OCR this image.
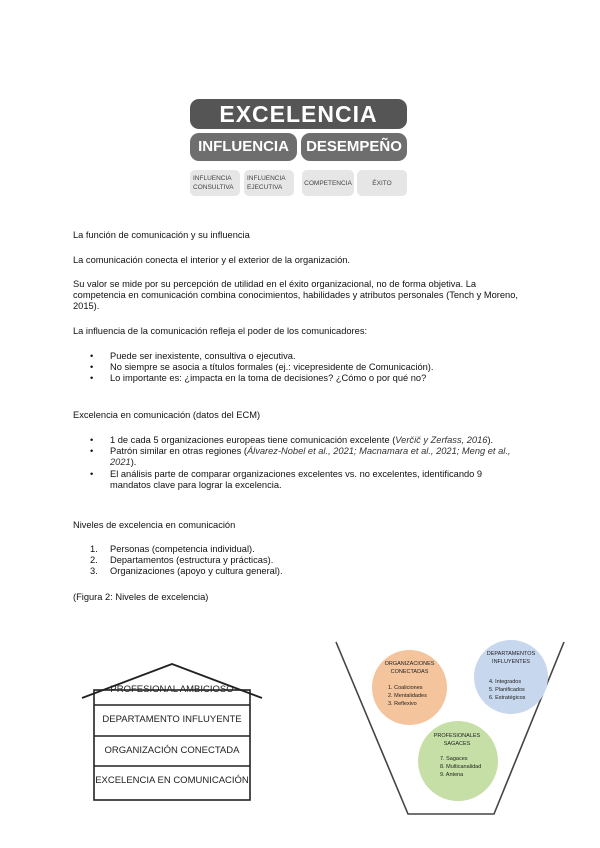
EXCELENCIA
INFLUENCIA	DESEMPEÑO
INFLUENCIA CONSULTIVA
INFLUENCIA EJECUTIVA
COMPETENCIA	ÉXITO
La función de comunicación y su influencia
La comunicación conecta el interior y el exterior de la organización.
Su valor se mide por su percepción de utilidad en el éxito organizacional, no de forma objetiva. La competencia en comunicación combina conocimientos, habilidades y atributos personales (Tench y Moreno, 2015).
La influencia de la comunicación refleja el poder de los comunicadores:
• Puede ser inexistente, consultiva o ejecutiva.
• No siempre se asocia a títulos formales (ej.: vicepresidente de Comunicación).
• Lo importante es: ¿impacta en la toma de decisiones? ¿Cómo o por qué no?
Excelencia en comunicación (datos del ECM)
• 1 de cada 5 organizaciones europeas tiene comunicación excelente (Verčič y Zerfass, 2016).
• Patrón similar en otras regiones (Álvarez-Nobel et al., 2021; Macnamara et al., 2021; Meng et al., 2021).
• El análisis parte de comparar organizaciones excelentes vs. no excelentes, identificando 9 mandatos clave para lograr la excelencia.
Niveles de excelencia en comunicación
1. Personas (competencia individual).
2. Departamentos (estructura y prácticas).
3. Organizaciones (apoyo y cultura general).
(Figura 2: Niveles de excelencia)
PROFESIONAL AMBICIOSO
DEPARTAMENTO INFLUYENTE
ORGANIZACIÓN CONECTADA
EXCELENCIA EN COMUNICACIÓN
ORGANIZACIONES CONECTADAS
1. Coaliciones
2. Mentalidades
3. Reflexivo
DEPARTAMENTOS INFLUYENTES
4. Integrados
5. Planificados
6. Estratégicos
PROFESIONALES SAGACES
7. Sagaces
8. Multicanalidad
9. Antena
